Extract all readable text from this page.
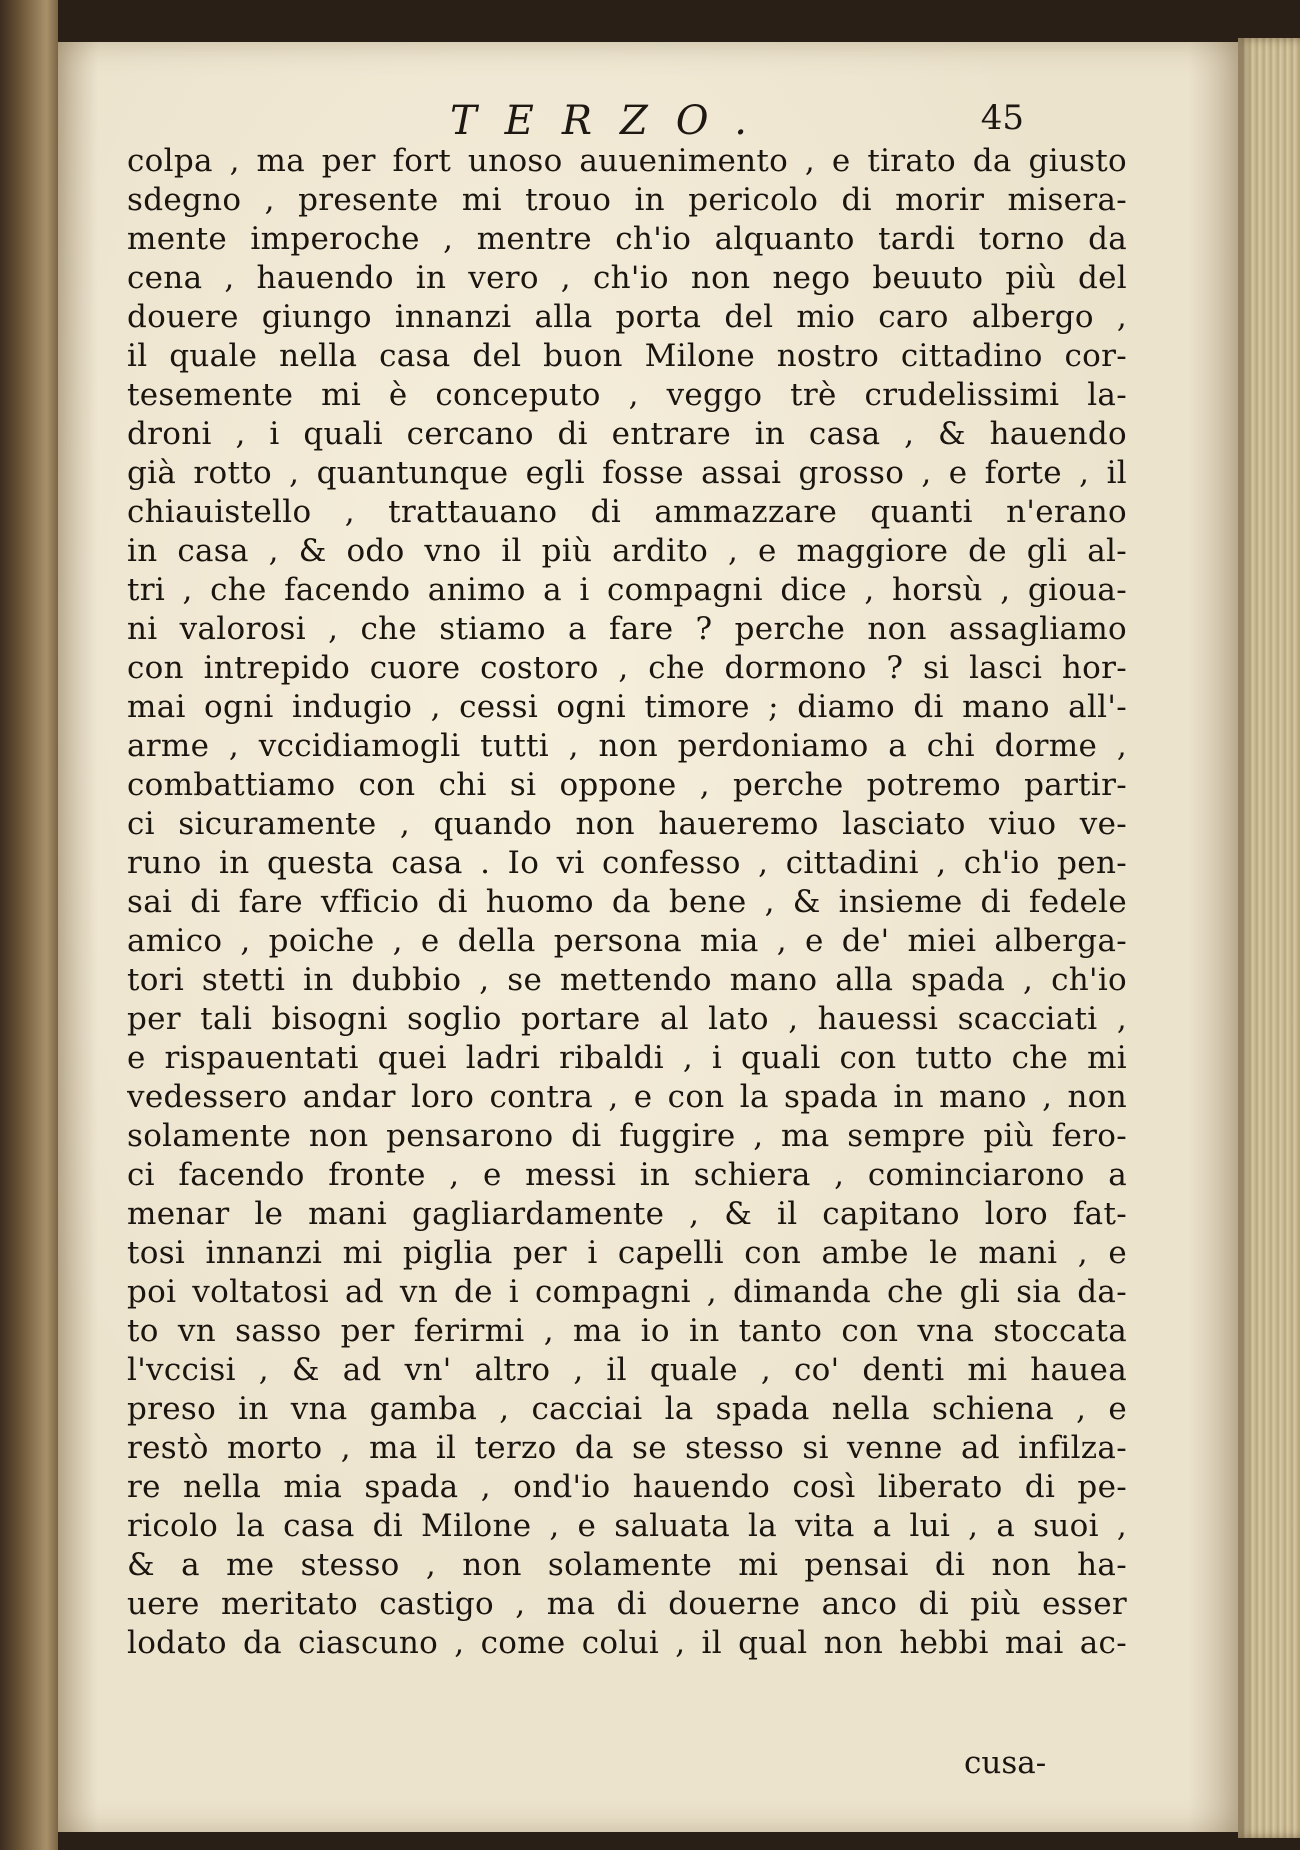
TERZO.	45
colpa , ma per fort unoso auuenimento , e tirato da giusto
sdegno , presente mi trouo in pericolo di morir misera-
mente imperoche , mentre ch'io alquanto tardi torno da
cena , hauendo in vero , ch'io non nego beuuto più del
douere giungo innanzi alla porta del mio caro albergo ,
il quale nella casa del buon Milone nostro cittadino cor-
tesemente mi è conceputo , veggo trè crudelissimi la-
droni , i quali cercano di entrare in casa , & hauendo
già rotto , quantunque egli fosse assai grosso , e forte , il
chiauistello , trattauano di ammazzare quanti n'erano
in casa , & odo vno il più ardito , e maggiore de gli al-
tri , che facendo animo a i compagni dice , horsù , gioua-
ni valorosi , che stiamo a fare ? perche non assagliamo
con intrepido cuore costoro , che dormono ? si lasci hor-
mai ogni indugio , cessi ogni timore ; diamo di mano all'-
arme , vccidiamogli tutti , non perdoniamo a chi dorme ,
combattiamo con chi si oppone , perche potremo partir-
ci sicuramente , quando non haueremo lasciato viuo ve-
runo in questa casa . Io vi confesso , cittadini , ch'io pen-
sai di fare vfficio di huomo da bene , & insieme di fedele
amico , poiche , e della persona mia , e de' miei alberga-
tori stetti in dubbio , se mettendo mano alla spada , ch'io
per tali bisogni soglio portare al lato , hauessi scacciati ,
e rispauentati quei ladri ribaldi , i quali con tutto che mi
vedessero andar loro contra , e con la spada in mano , non
solamente non pensarono di fuggire , ma sempre più fero-
ci facendo fronte , e messi in schiera , cominciarono a
menar le mani gagliardamente , & il capitano loro fat-
tosi innanzi mi piglia per i capelli con ambe le mani , e
poi voltatosi ad vn de i compagni , dimanda che gli sia da-
to vn sasso per ferirmi , ma io in tanto con vna stoccata
l'vccisi , & ad vn' altro , il quale , co' denti mi hauea
preso in vna gamba , cacciai la spada nella schiena , e
restò morto , ma il terzo da se stesso si venne ad infilza-
re nella mia spada , ond'io hauendo così liberato di pe-
ricolo la casa di Milone , e saluata la vita a lui , a suoi ,
& a me stesso , non solamente mi pensai di non ha-
uere meritato castigo , ma di douerne anco di più esser
lodato da ciascuno , come colui , il qual non hebbi mai ac-
cusa-
